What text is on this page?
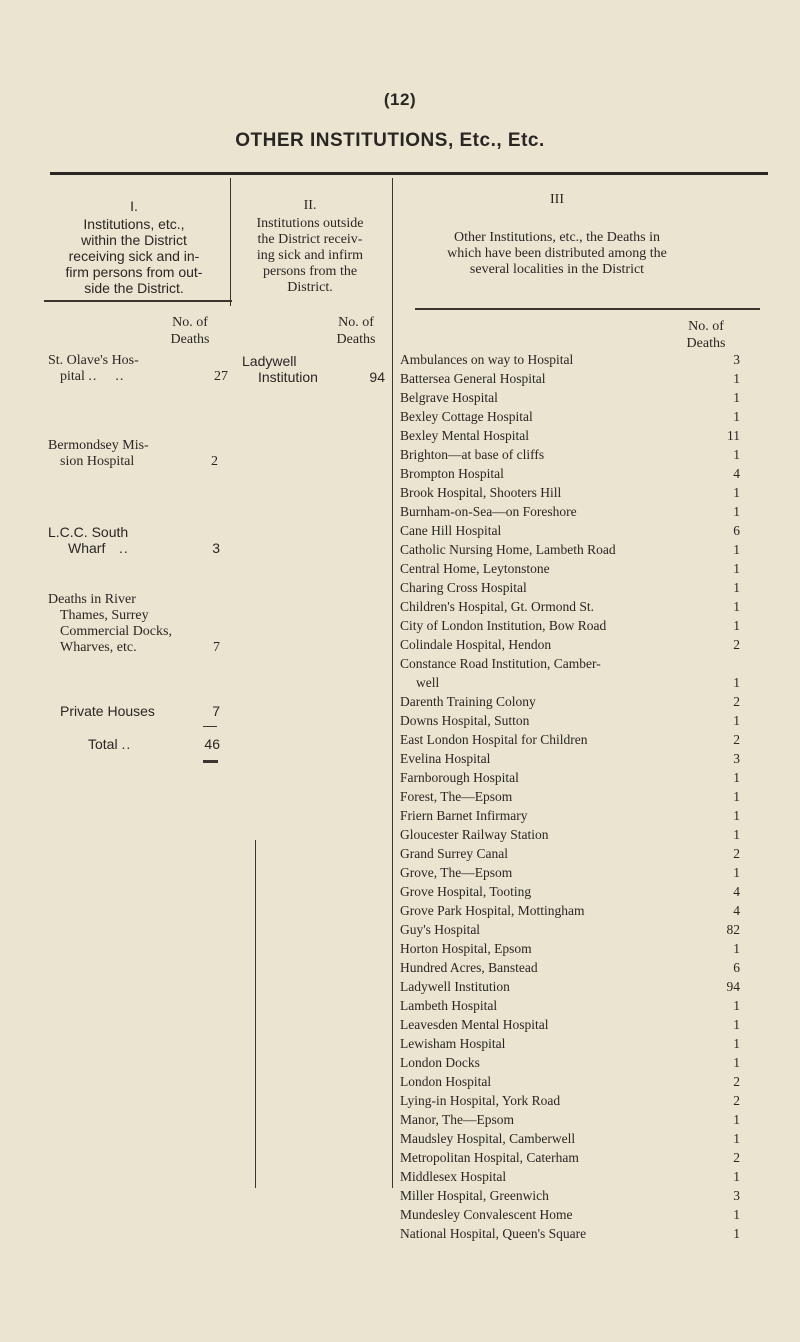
(12)
OTHER INSTITUTIONS, Etc., Etc.
I.
Institutions, etc.,
within the District
receiving sick and in-
firm persons from out-
side the District.
II.
Institutions outside
the District receiv-
ing sick and infirm
persons from the
District.
III
Other Institutions, etc., the Deaths in
which have been distributed among the
several localities in the District
No. of
Deaths
No. of
Deaths
No. of
Deaths
St. Olave's Hos-
pital ..    ..	27
Bermondsey Mis-
sion Hospital	2
L.C.C. South
Wharf   ..	3
Deaths in River
Thames, Surrey
Commercial Docks,
Wharves, etc.	7
Private Houses	7
Total ..	46
Ladywell
Institution	94
Ambulances on way to Hospital	3
Battersea General Hospital	1
Belgrave Hospital	1
Bexley Cottage Hospital	1
Bexley Mental Hospital	11
Brighton—at base of cliffs	1
Brompton Hospital	4
Brook Hospital, Shooters Hill	1
Burnham-on-Sea—on Foreshore	1
Cane Hill Hospital	6
Catholic Nursing Home, Lambeth Road	1
Central Home, Leytonstone	1
Charing Cross Hospital	1
Children's Hospital, Gt. Ormond St.	1
City of London Institution, Bow Road	1
Colindale Hospital, Hendon	2
Constance Road Institution, Camber-
well	1
Darenth Training Colony	2
Downs Hospital, Sutton	1
East London Hospital for Children	2
Evelina Hospital	3
Farnborough Hospital	1
Forest, The—Epsom	1
Friern Barnet Infirmary	1
Gloucester Railway Station	1
Grand Surrey Canal	2
Grove, The—Epsom	1
Grove Hospital, Tooting	4
Grove Park Hospital, Mottingham	4
Guy's Hospital	82
Horton Hospital, Epsom	1
Hundred Acres, Banstead	6
Ladywell Institution	94
Lambeth Hospital	1
Leavesden Mental Hospital	1
Lewisham Hospital	1
London Docks	1
London Hospital	2
Lying-in Hospital, York Road	2
Manor, The—Epsom	1
Maudsley Hospital, Camberwell	1
Metropolitan Hospital, Caterham	2
Middlesex Hospital	1
Miller Hospital, Greenwich	3
Mundesley Convalescent Home	1
National Hospital, Queen's Square	1
